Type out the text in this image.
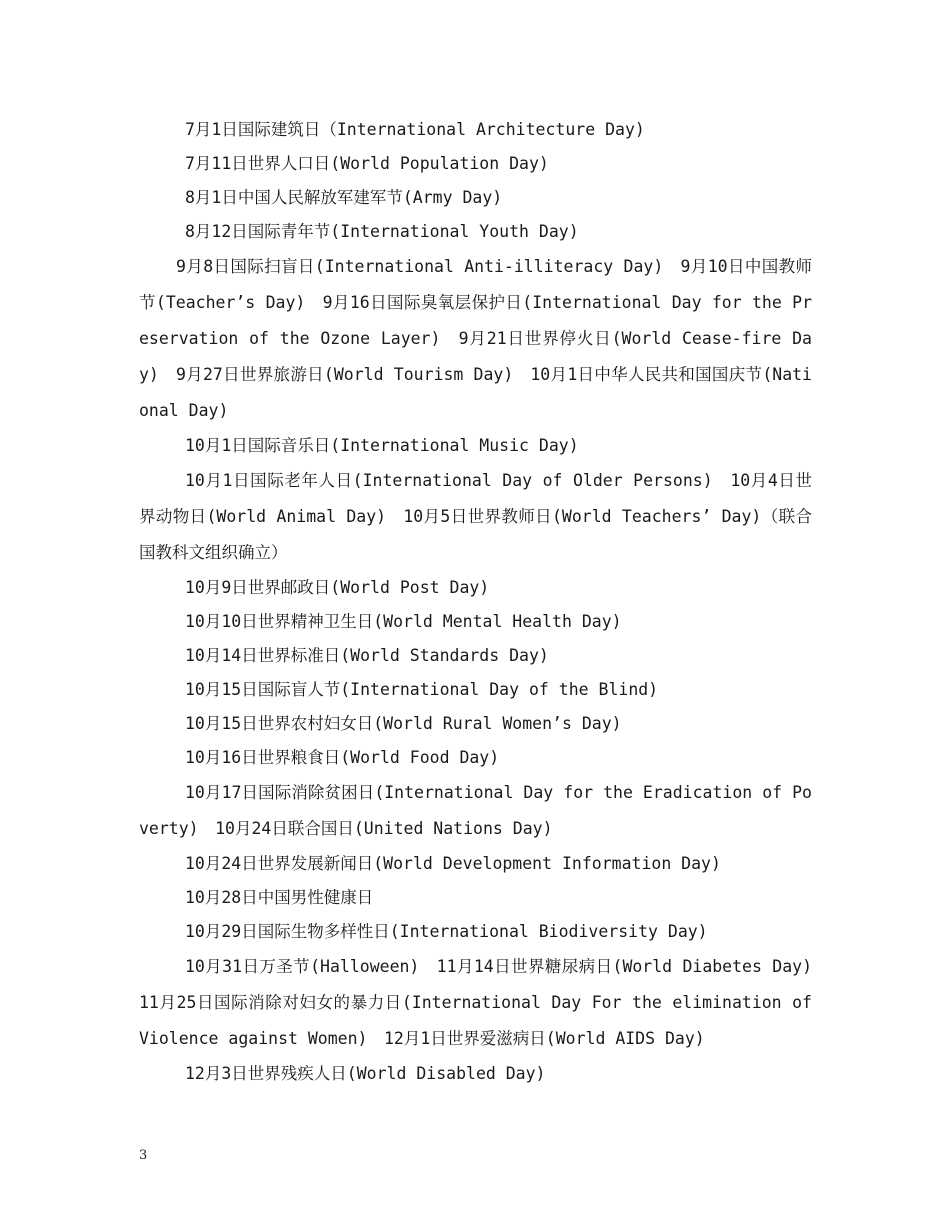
7月1日国际建筑日（International Architecture Day)

7月11日世界人口日(World Population Day)

8月1日中国人民解放军建军节(Army Day)

8月12日国际青年节(International Youth Day)

9月8日国际扫盲日(International Anti-illiteracy Day)　9月10日中国教师节(Teacher’s Day)　9月16日国际臭氧层保护日(International Day for the Preservation of the Ozone Layer)　9月21日世界停火日(World Cease-fire Day)　9月27日世界旅游日(World Tourism Day)　10月1日中华人民共和国国庆节(National Day)

10月1日国际音乐日(International Music Day)

10月1日国际老年人日(International Day of Older Persons)　10月4日世界动物日(World Animal Day)　10月5日世界教师日(World Teachers’ Day)（联合国教科文组织确立）

10月9日世界邮政日(World Post Day)

10月10日世界精神卫生日(World Mental Health Day)

10月14日世界标准日(World Standards Day)

10月15日国际盲人节(International Day of the Blind)

10月15日世界农村妇女日(World Rural Women’s Day)

10月16日世界粮食日(World Food Day)

10月17日国际消除贫困日(International Day for the Eradication of Poverty)　10月24日联合国日(United Nations Day)

10月24日世界发展新闻日(World Development Information Day)

10月28日中国男性健康日

10月29日国际生物多样性日(International Biodiversity Day)

10月31日万圣节(Halloween)　11月14日世界糖尿病日(World Diabetes Day)　11月25日国际消除对妇女的暴力日(International Day For the elimination of Violence against Women)　12月1日世界爱滋病日(World AIDS Day)

12月3日世界残疾人日(World Disabled Day)

3
